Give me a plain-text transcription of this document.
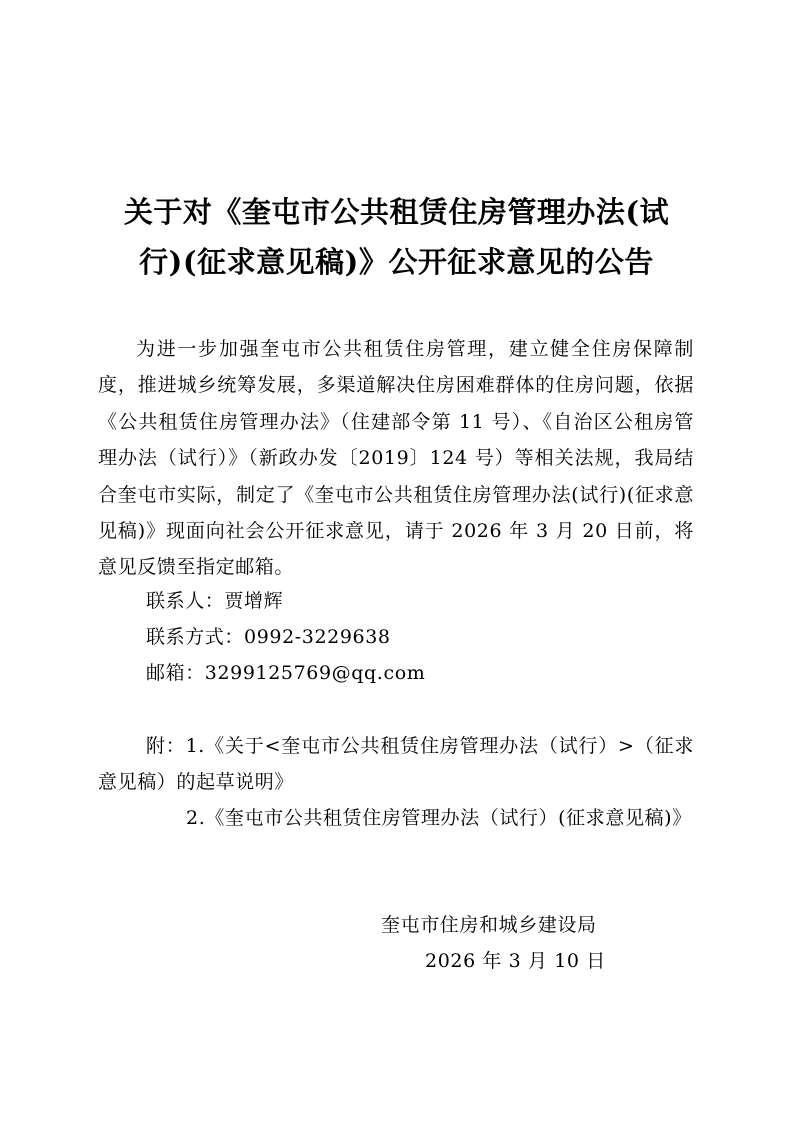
关于对《奎屯市公共租赁住房管理办法(试
行)(征求意见稿)》公开征求意见的公告
为进一步加强奎屯市公共租赁住房管理，建立健全住房保障制度，推进城乡统筹发展，多渠道解决住房困难群体的住房问题，依据《公共租赁住房管理办法》（住建部令第 11 号）、《自治区公租房管理办法（试行）》（新政办发〔2019〕124 号）等相关法规，我局结合奎屯市实际，制定了《奎屯市公共租赁住房管理办法(试行)(征求意见稿)》现面向社会公开征求意见，请于 2026 年 3 月 20 日前，将意见反馈至指定邮箱。
联系人：贾增辉
联系方式：0992-3229638
邮箱：3299125769@qq.com
附：1.《关于<奎屯市公共租赁住房管理办法（试行）>（征求意见稿）的起草说明》
2.《奎屯市公共租赁住房管理办法（试行）(征求意见稿)》
奎屯市住房和城乡建设局
2026 年 3 月 10 日
